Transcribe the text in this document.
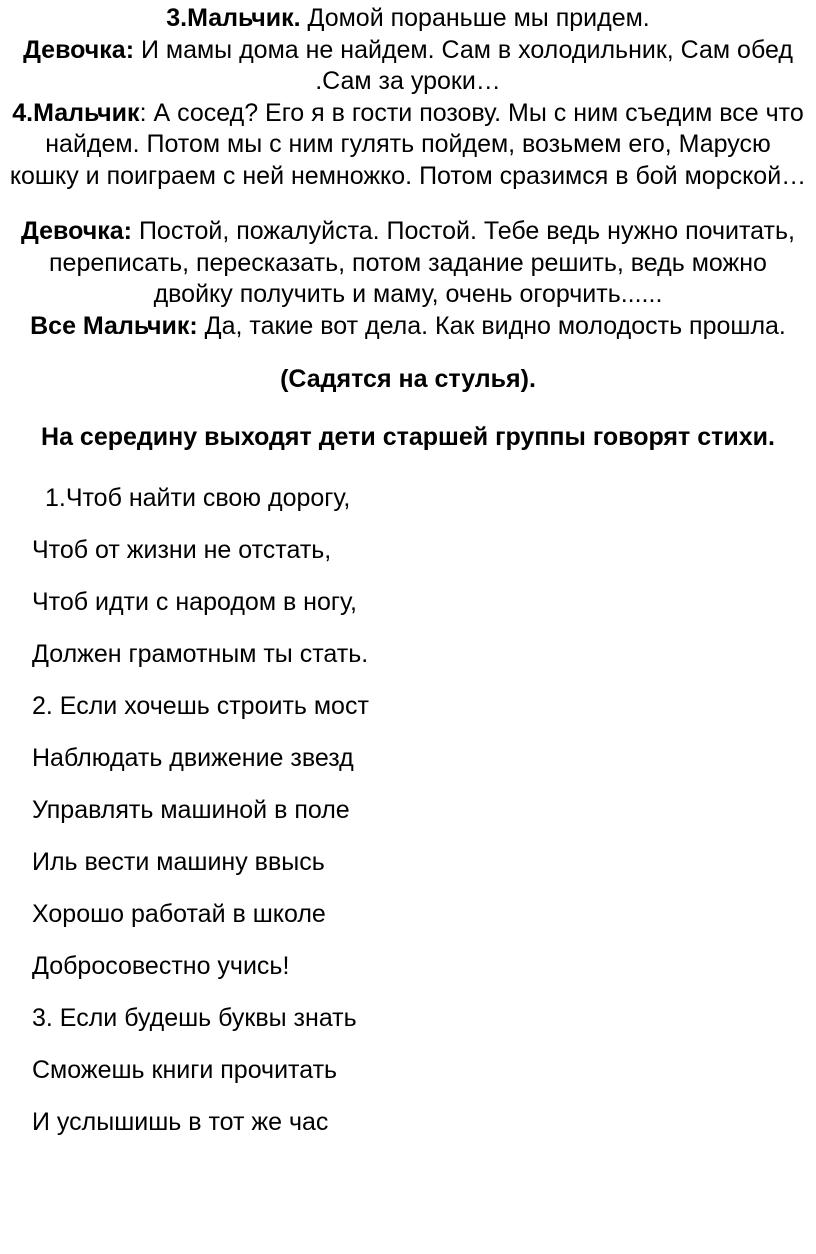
3.Мальчик. Домой пораньше мы придем.

Девочка: И мамы дома не найдем. Сам в холодильник, Сам обед .Сам за уроки…

4.Мальчик: А сосед? Его я в гости позову. Мы с ним съедим все что найдем. Потом мы с ним гулять пойдем, возьмем его, Марусю кошку и поиграем с ней немножко. Потом сразимся в бой морской…

Девочка: Постой, пожалуйста. Постой. Тебе ведь нужно почитать, переписать, пересказать, потом задание решить, ведь можно двойку получить и маму, очень огорчить......

Все Мальчик: Да, такие вот дела. Как видно молодость прошла.

(Садятся на стулья).

На середину выходят дети старшей группы говорят стихи.

1.Чтоб найти свою дорогу,
Чтоб от жизни не отстать,
Чтоб идти с народом в ногу,
Должен грамотным ты стать.
2. Если хочешь строить мост
Наблюдать движение звезд
Управлять машиной в поле
Иль вести машину ввысь
Хорошо работай в школе
Добросовестно учись!
3. Если будешь буквы знать
Сможешь книги прочитать
И услышишь в тот же час
